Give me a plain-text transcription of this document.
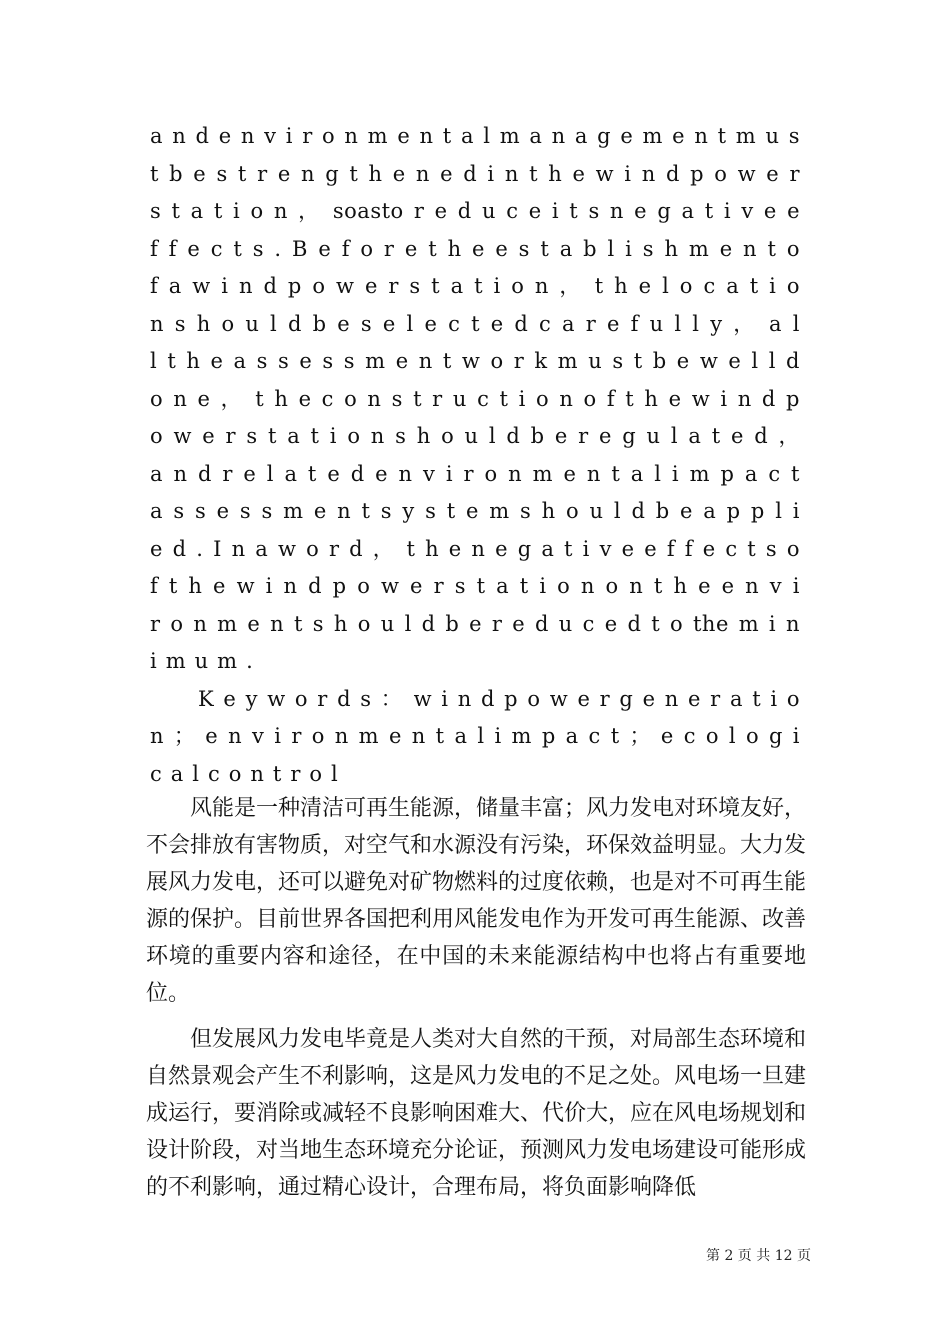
a n d e n v i r o n m e n t a l m a n a g e m e n t m u s
t b e s t r e n g t h e n e d i n t h e w i n d p o w e r
s t a t i o n ， soasto r e d u c e i t s n e g a t i v e e
f f e c t s . B e f o r e t h e e s t a b l i s h m e n t o
f a w i n d p o w e r s t a t i o n ， t h e l o c a t i o
n s h o u l d b e s e l e c t e d c a r e f u l l y ， a l
l t h e a s s e s s m e n t w o r k m u s t b e w e l l d
o n e ， t h e c o n s t r u c t i o n o f t h e w i n d p
o w e r s t a t i o n s h o u l d b e r e g u l a t e d ，
a n d r e l a t e d e n v i r o n m e n t a l i m p a c t
a s s e s s m e n t s y s t e m s h o u l d b e a p p l i
e d . I n a w o r d ， t h e n e g a t i v e e f f e c t s o
f t h e w i n d p o w e r s t a t i o n o n t h e e n v i
r o n m e n t s h o u l d b e r e d u c e d t o the m i n
imum.
K e y w o r d s ： w i n d p o w e r g e n e r a t i o
n ； e n v i r o n m e n t a l i m p a c t ； e c o l o g i
calcontrol

风能是一种清洁可再生能源，储量丰富；风力发电对环境友好，不会排放有害物质，对空气和水源没有污染，环保效益明显。大力发展风力发电，还可以避免对矿物燃料的过度依赖，也是对不可再生能源的保护。目前世界各国把利用风能发电作为开发可再生能源、改善环境的重要内容和途径，在中国的未来能源结构中也将占有重要地位。

但发展风力发电毕竟是人类对大自然的干预，对局部生态环境和自然景观会产生不利影响，这是风力发电的不足之处。风电场一旦建成运行，要消除或减轻不良影响困难大、代价大，应在风电场规划和设计阶段，对当地生态环境充分论证，预测风力发电场建设可能形成的不利影响，通过精心设计，合理布局，将负面影响降低

第 2 页 共 12 页
